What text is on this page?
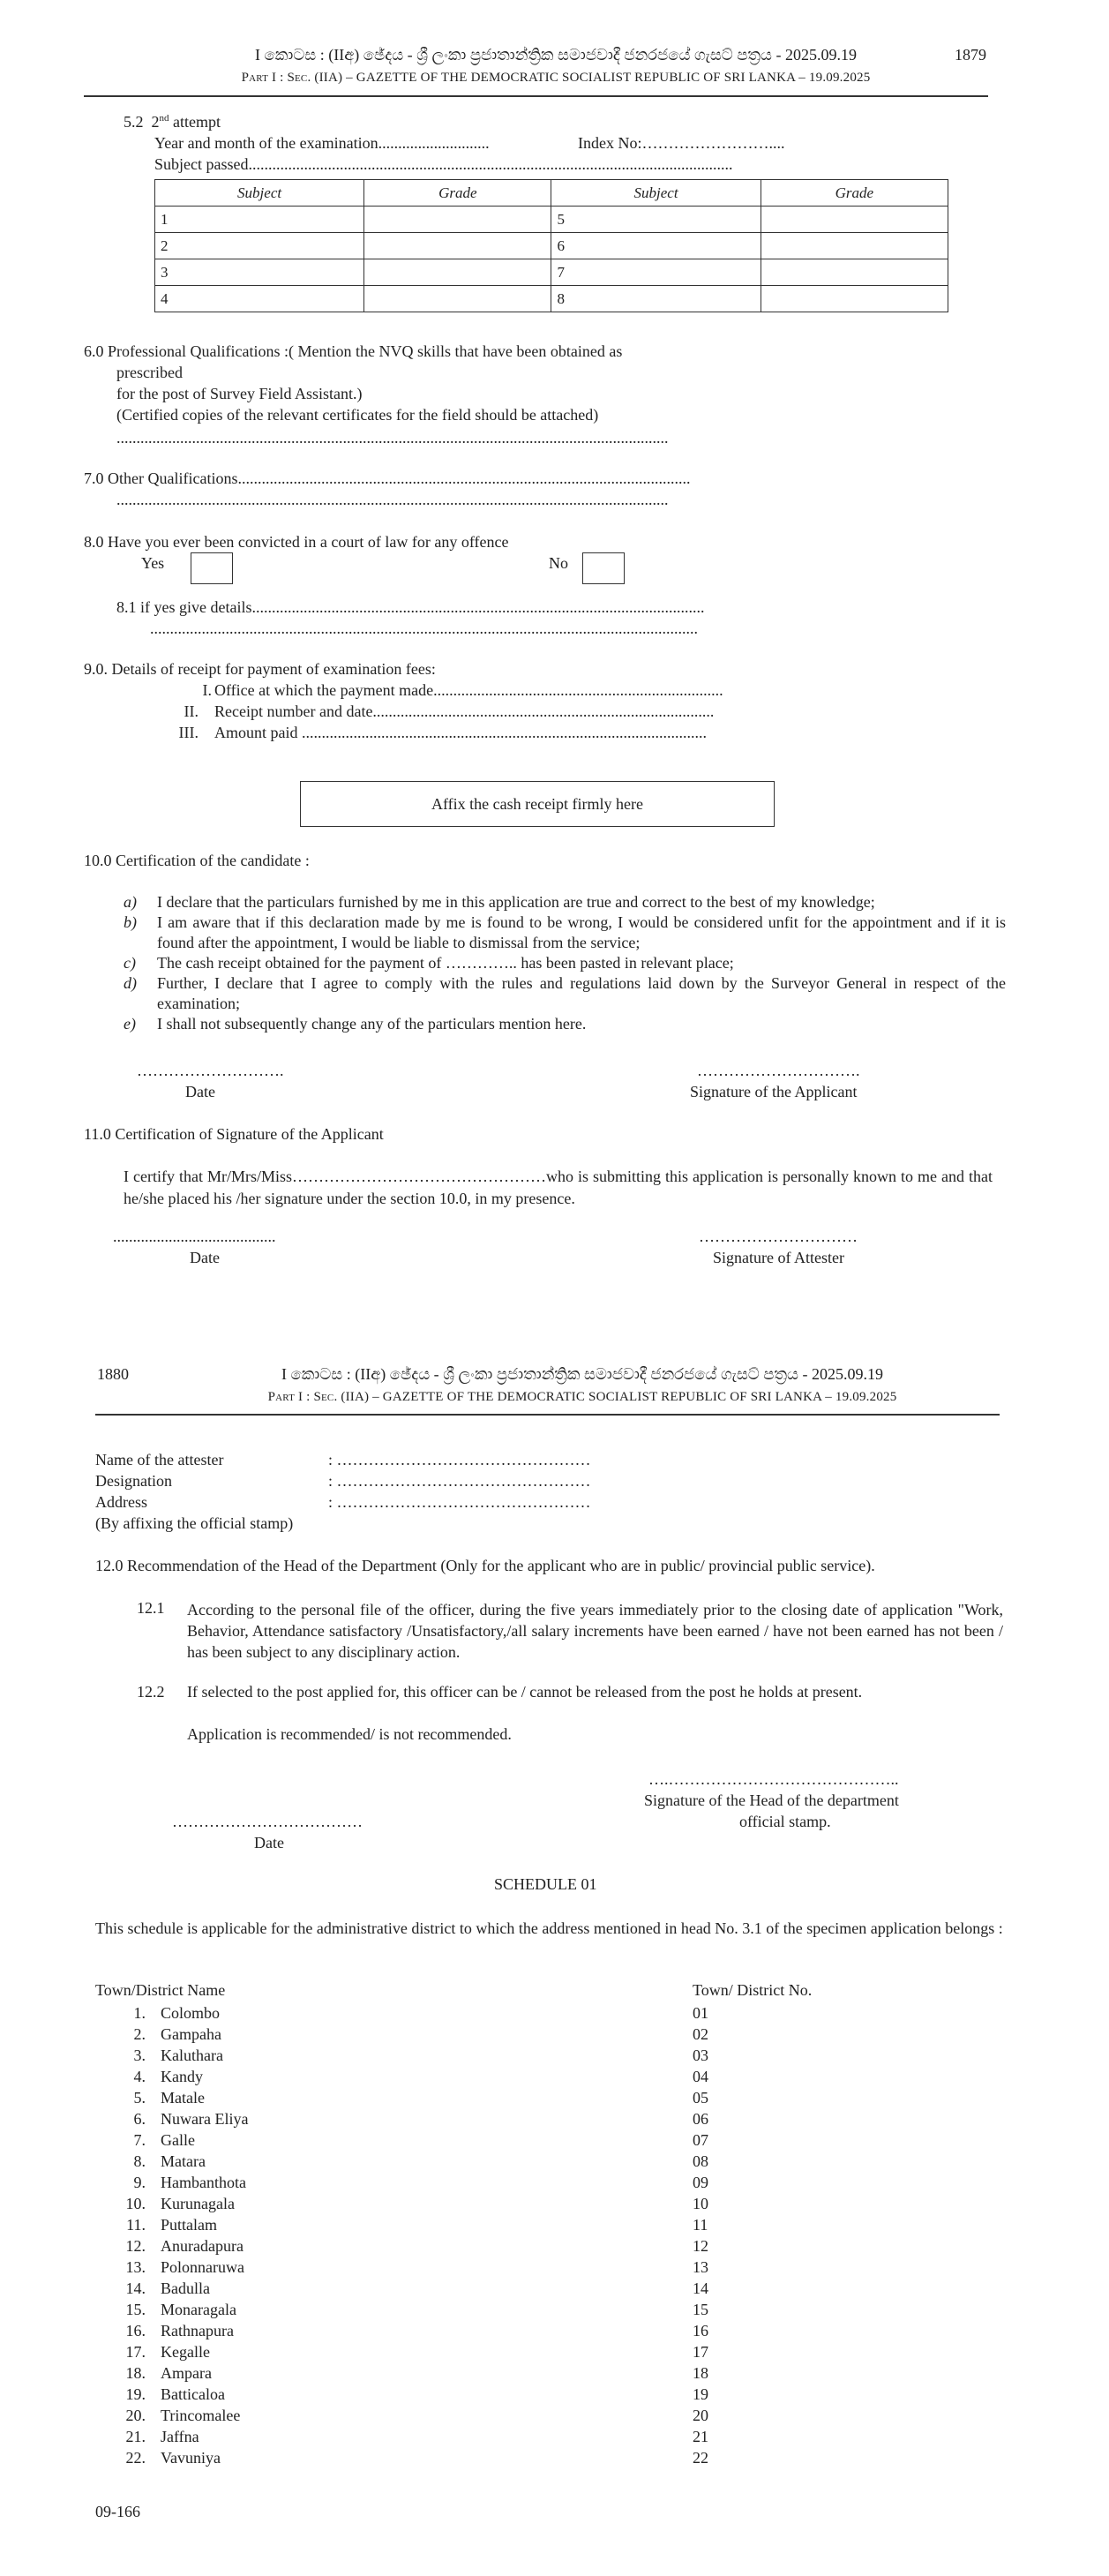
I කොටස : (IIඅ) ඡේදය - ශ්‍රී ලංකා ප්‍රජාතාන්ත්‍රික සමාජවාදී ජනරජයේ ගැසට් පත්‍රය - 2025.09.19	1879
Part I : Sec. (IIA) – GAZETTE OF THE DEMOCRATIC SOCIALIST REPUBLIC OF SRI LANKA – 19.09.2025
5.2 2nd attempt
Year and month of the examination............................	Index No:……………………....
Subject passed..........................................................................................................................
Subject	Grade	Subject	Grade
1		5	
2		6	
3		7	
4		8	
6.0 Professional Qualifications :( Mention the NVQ skills that have been obtained as
prescribed
for the post of Survey Field Assistant.)
(Certified copies of the relevant certificates for the field should be attached)
...........................................................................................................................................
7.0 Other Qualifications..................................................................................................................
...........................................................................................................................................
8.0 Have you ever been convicted in a court of law for any offence
Yes	No
8.1 if yes give details..................................................................................................................
..........................................................................................................................................
9.0. Details of receipt for payment of examination fees:
I. Office at which the payment made.........................................................................
II. Receipt number and date......................................................................................
III. Amount paid ......................................................................................................
Affix the cash receipt firmly here
10.0 Certification of the candidate :
a) I declare that the particulars furnished by me in this application are true and correct to the best of my knowledge;
b) I am aware that if this declaration made by me is found to be wrong, I would be considered unfit for the appointment and if it is found after the appointment, I would be liable to dismissal from the service;
c) The cash receipt obtained for the payment of ………….. has been pasted in relevant place;
d) Further, I declare that I agree to comply with the rules and regulations laid down by the Surveyor General in respect of the examination;
e) I shall not subsequently change any of the particulars mention here.
……………………….
Date
………………………….
Signature of the Applicant
11.0 Certification of Signature of the Applicant
I certify that Mr/Mrs/Miss…………………………………………who is submitting this application is personally known to me and that he/she placed his /her signature under the section 10.0, in my presence.
.........................................
Date
…………………………
Signature of Attester
1880	I කොටස : (IIඅ) ඡේදය - ශ්‍රී ලංකා ප්‍රජාතාන්ත්‍රික සමාජවාදී ජනරජයේ ගැසට් පත්‍රය - 2025.09.19
Part I : Sec. (IIA) – GAZETTE OF THE DEMOCRATIC SOCIALIST REPUBLIC OF SRI LANKA – 19.09.2025
Name of the attester	: …………………………………………
Designation	: …………………………………………
Address	: …………………………………………
(By affixing the official stamp)
12.0 Recommendation of the Head of the Department (Only for the applicant who are in public/ provincial public service).
12.1 According to the personal file of the officer, during the five years immediately prior to the closing date of application "Work, Behavior, Attendance satisfactory /Unsatisfactory,/all salary increments have been earned / have not been earned has not been / has been subject to any disciplinary action.
12.2 If selected to the post applied for, this officer can be / cannot be released from the post he holds at present.
Application is recommended/ is not recommended.
….……………………………………..
Signature of the Head of the department
official stamp.
………………………………
Date
SCHEDULE 01
This schedule is applicable for the administrative district to which the address mentioned in head No. 3.1 of the specimen application belongs :
Town/District Name	Town/ District No.
1. Colombo	01
2. Gampaha	02
3. Kaluthara	03
4. Kandy	04
5. Matale	05
6. Nuwara Eliya	06
7. Galle	07
8. Matara	08
9. Hambanthota	09
10. Kurunagala	10
11. Puttalam	11
12. Anuradapura	12
13. Polonnaruwa	13
14. Badulla	14
15. Monaragala	15
16. Rathnapura	16
17. Kegalle	17
18. Ampara	18
19. Batticaloa	19
20. Trincomalee	20
21. Jaffna	21
22. Vavuniya	22
09-166
